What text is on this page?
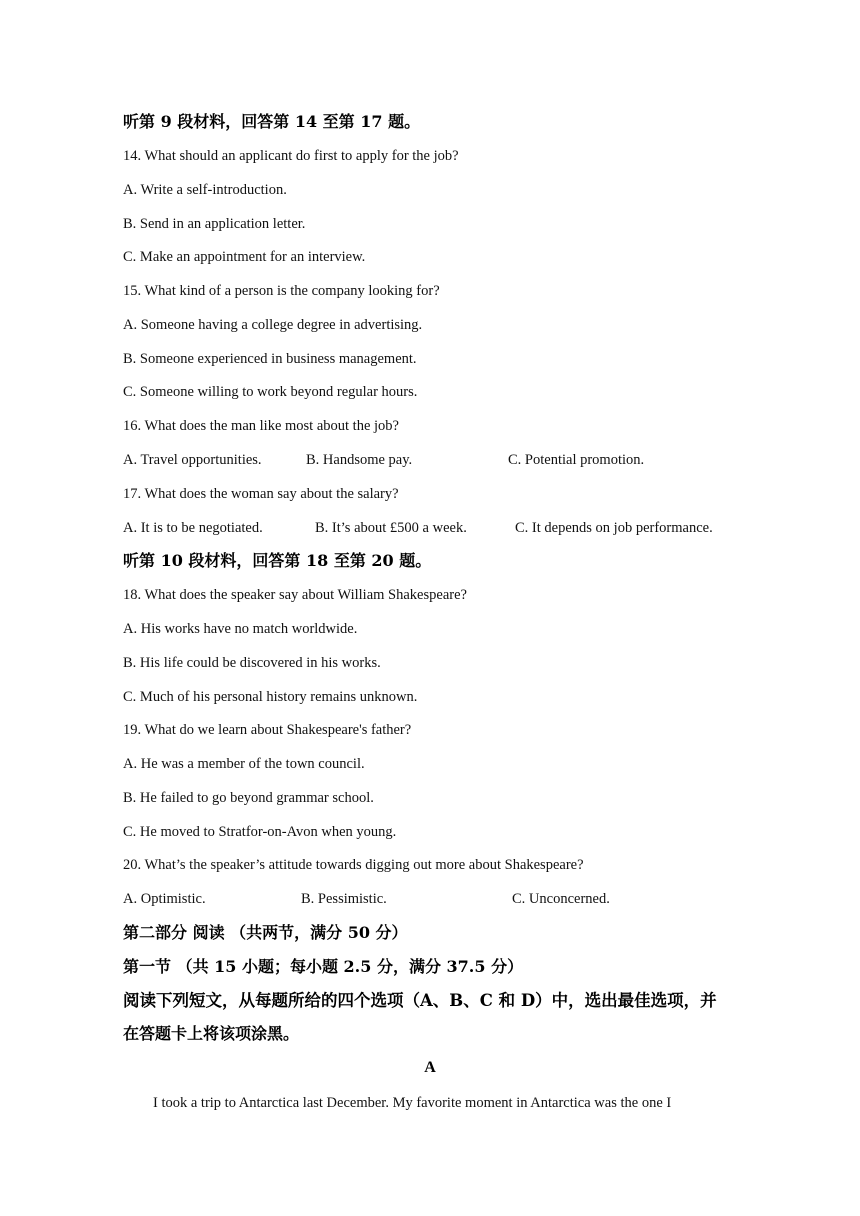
听第 9 段材料，回答第 14 至第 17 题。
14. What should an applicant do first to apply for the job?
A. Write a self-introduction.
B. Send in an application letter.
C. Make an appointment for an interview.
15. What kind of a person is the company looking for?
A. Someone having a college degree in advertising.
B. Someone experienced in business management.
C. Someone willing to work beyond regular hours.
16. What does the man like most about the job?
A. Travel opportunities.	B. Handsome pay.	C. Potential promotion.
17. What does the woman say about the salary?
A. It is to be negotiated.	B. It’s about £500 a week.	C. It depends on job performance.
听第 10 段材料，回答第 18 至第 20 题。
18. What does the speaker say about William Shakespeare?
A. His works have no match worldwide.
B. His life could be discovered in his works.
C. Much of his personal history remains unknown.
19. What do we learn about Shakespeare's father?
A. He was a member of the town council.
B. He failed to go beyond grammar school.
C. He moved to Stratfor-on-Avon when young.
20. What’s the speaker’s attitude towards digging out more about Shakespeare?
A. Optimistic.	B. Pessimistic.	C. Unconcerned.
第二部分 阅读 （共两节，满分 50 分）
第一节 （共 15 小题；每小题 2.5 分，满分 37.5 分）
阅读下列短文，从每题所给的四个选项（A、B、C 和 D）中，选出最佳选项，并
在答题卡上将该项涂黑。
A
I took a trip to Antarctica last December. My favorite moment in Antarctica was the one I
